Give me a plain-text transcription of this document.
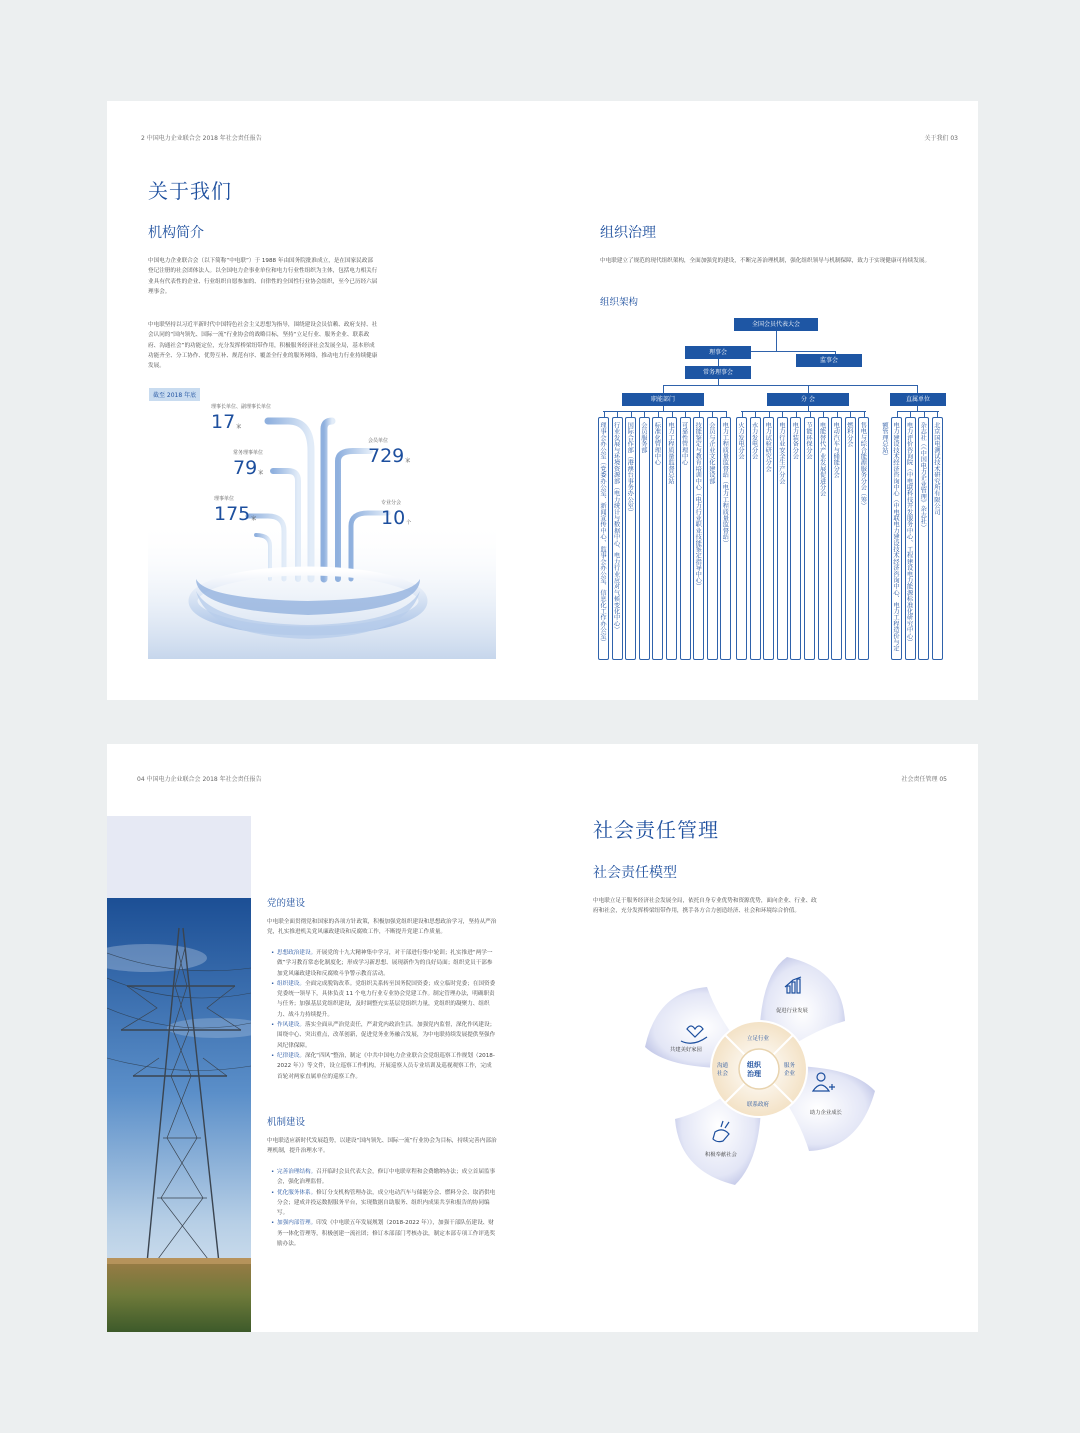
2 中国电力企业联合会 2018 年社会责任报告
关于我们
机构简介

中国电力企业联合会（以下简称“中电联”）于 1988 年由国务院批准成立，是在国家民政部登记注册的社会团体法人。以全国电力企事业单位和电力行业性组织为主体，包括电力相关行业具有代表性的企业、行业组织自愿参加的、自律性的全国性行业协会组织，至今已历经六届理事会。

中电联坚持以习近平新时代中国特色社会主义思想为指导，围绕建设会员信赖、政府支持、社会认同的“国内领先、国际一流”行业协会的战略目标，坚持“立足行业、服务企业、联系政府、沟通社会”的功能定位，充分发挥桥梁纽带作用，积极服务经济社会发展全局，基本形成功能齐全、分工协作、优势互补、规范有序、覆盖全行业的服务网络，推动电力行业持续健康发展。

截至 2018 年底
理事长单位、副理事长单位
17家
常务理事单位
79家
理事单位
175家
会员单位
729家
专业分会
10个
关于我们 03
组织治理

中电联建立了规范的现代组织架构，全面加强党的建设，不断完善治理机制，强化组织领导与机制保障，致力于实现健康可持续发展。

组织架构
全国会员代表大会
理事会
监事会
常务理事会
职能部门	分 会	直属单位
理事会办公室（党委办公室、新闻宣传中心、监事会办公室、信息化工作办公室）	行业发展与环境资源部（电力统计与数据中心、电力行业应对气候变化中心）	国际合作部（港澳台事务办公室）	会员服务部	标准化管理中心	电力工程质量监督总站	可靠性管理中心	技能鉴定与教育培训中心（电力行业职业技能鉴定指导中心）	会员与企业文化建设部	电力工程质量监督站（电力工程质量监督站）	火力发电分会	水力发电分会	电力试验研究分会	电力行业安全生产分会	电力装备分会	节能环保分会	电能替代产业发展促进分会	电动汽车与储能分会	燃料分会	售电与综合能源服务分会（筹）	电力建设技术经济咨询中心（中电联电力建设技术经济咨询中心、电力工程造价与定额管理总站）	电力评价咨询院（中电联科技开发服务中心、工程建设电力能源标准化研究中心）	杂志社（《中国电力企业管理》杂志社）	北京国电测试技术研究所有限公司
04 中国电力企业联合会 2018 年社会责任报告
党的建设

中电联全面贯彻党和国家的各项方针政策，积极加强党组织建设和思想政治学习，坚持从严治党，扎实推进机关党风廉政建设和反腐败工作，不断提升党建工作质量。

• 思想政治建设。开展党的十九大精神集中学习，对干部进行集中轮训；扎实推进“两学一做”学习教育常态化制度化；形成学习新思想、展现新作为的良好局面；组织党员干部参加党风廉政建设和反腐败斗争警示教育活动。
• 组织建设。全面完成脱钩改革。党组织关系转至国务院国资委；成立临时党委；在国资委党委统一领导下，具体负责 11 个电力行业专业协会党建工作。制定管理办法，明确职责与任务；加强基层党组织建设，及时调整充实基层党组织力量，党组织的凝聚力、组织力、战斗力持续提升。
• 作风建设。落实全面从严治党责任，严肃党内政治生活。加强党内监督，深化作风建设；围绕中心、突出重点，改革创新，促进党务业务融合发展，为中电联持续发展提供坚强作风纪律保障。
• 纪律建设。深化“四风”整治，制定《中共中国电力企业联合会党组巡察工作规划（2018-2022 年）》等文件，设立巡察工作机构，开展巡察人员专业培训及巡视观察工作，完成首轮对两家直属单位的巡察工作。
机制建设

中电联适应新时代发展趋势，以建设“国内领先、国际一流”行业协会为目标，持续完善内部治理机制，提升治理水平。

• 完善治理结构。召开临时会员代表大会，修订中电联章程和会费缴纳办法；成立首届监事会，强化治理监督。
• 优化服务体系。修订分支机构管理办法，成立电动汽车与储能分会、燃料分会、取消供电分会；建成并投运数据服务平台，实现数据自助服务、组织内成果共享和报告的协同编写。
• 加强内部管理。印发《中电联五年发展规划（2018-2022 年）》，加强干部队伍建设、财务一体化管理等，积极创建一流社团；修订本部部门考核办法，制定本部专项工作评选奖励办法。
社会责任管理 05
社会责任管理
社会责任模型

中电联立足于服务经济社会发展全局，依托自身专业优势和资源优势，面向企业、行业、政府和社会，充分发挥桥梁纽带作用，携手各方合力创造经济、社会和环境综合价值。

组织
治理
立足行业
服务
企业
联系政府
沟通
社会
促进行业发展
助力企业成长
积极奉献社会
共建美好家园
